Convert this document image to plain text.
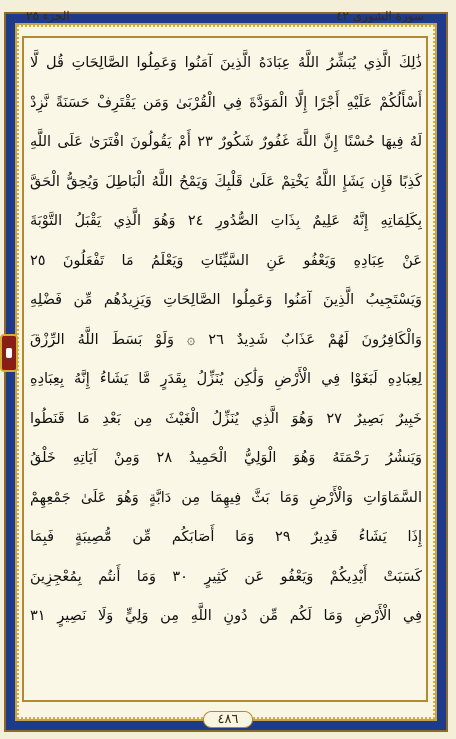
الجزء ٢٥	سورة الشورى ٤٢
ذَٰلِكَ الَّذِي يُبَشِّرُ اللَّهُ عِبَادَهُ الَّذِينَ آمَنُوا وَعَمِلُوا الصَّالِحَاتِ قُل لَّا
أَسْأَلُكُمْ عَلَيْهِ أَجْرًا إِلَّا الْمَوَدَّةَ فِي الْقُرْبَىٰ وَمَن يَقْتَرِفْ حَسَنَةً نَّزِدْ
لَهُ فِيهَا حُسْنًا إِنَّ اللَّهَ غَفُورٌ شَكُورٌ ٢٣ أَمْ يَقُولُونَ افْتَرَىٰ عَلَى اللَّهِ
كَذِبًا فَإِن يَشَإِ اللَّهُ يَخْتِمْ عَلَىٰ قَلْبِكَ وَيَمْحُ اللَّهُ الْبَاطِلَ وَيُحِقُّ الْحَقَّ
بِكَلِمَاتِهِ إِنَّهُ عَلِيمٌ بِذَاتِ الصُّدُورِ ٢٤ وَهُوَ الَّذِي يَقْبَلُ التَّوْبَةَ
عَنْ عِبَادِهِ وَيَعْفُو عَنِ السَّيِّئَاتِ وَيَعْلَمُ مَا تَفْعَلُونَ ٢٥
وَيَسْتَجِيبُ الَّذِينَ آمَنُوا وَعَمِلُوا الصَّالِحَاتِ وَيَزِيدُهُم مِّن فَضْلِهِ
وَالْكَافِرُونَ لَهُمْ عَذَابٌ شَدِيدٌ ٢٦ ۞ وَلَوْ بَسَطَ اللَّهُ الرِّزْقَ
لِعِبَادِهِ لَبَغَوْا فِي الْأَرْضِ وَلَٰكِن يُنَزِّلُ بِقَدَرٍ مَّا يَشَاءُ إِنَّهُ بِعِبَادِهِ
خَبِيرٌ بَصِيرٌ ٢٧ وَهُوَ الَّذِي يُنَزِّلُ الْغَيْثَ مِن بَعْدِ مَا قَنَطُوا
وَيَنشُرُ رَحْمَتَهُ وَهُوَ الْوَلِيُّ الْحَمِيدُ ٢٨ وَمِنْ آيَاتِهِ خَلْقُ
السَّمَاوَاتِ وَالْأَرْضِ وَمَا بَثَّ فِيهِمَا مِن دَابَّةٍ وَهُوَ عَلَىٰ جَمْعِهِمْ
إِذَا يَشَاءُ قَدِيرٌ ٢٩ وَمَا أَصَابَكُم مِّن مُّصِيبَةٍ فَبِمَا
كَسَبَتْ أَيْدِيكُمْ وَيَعْفُو عَن كَثِيرٍ ٣٠ وَمَا أَنتُم بِمُعْجِزِينَ
فِي الْأَرْضِ وَمَا لَكُم مِّن دُونِ اللَّهِ مِن وَلِيٍّ وَلَا نَصِيرٍ ٣١
٤٨٦
